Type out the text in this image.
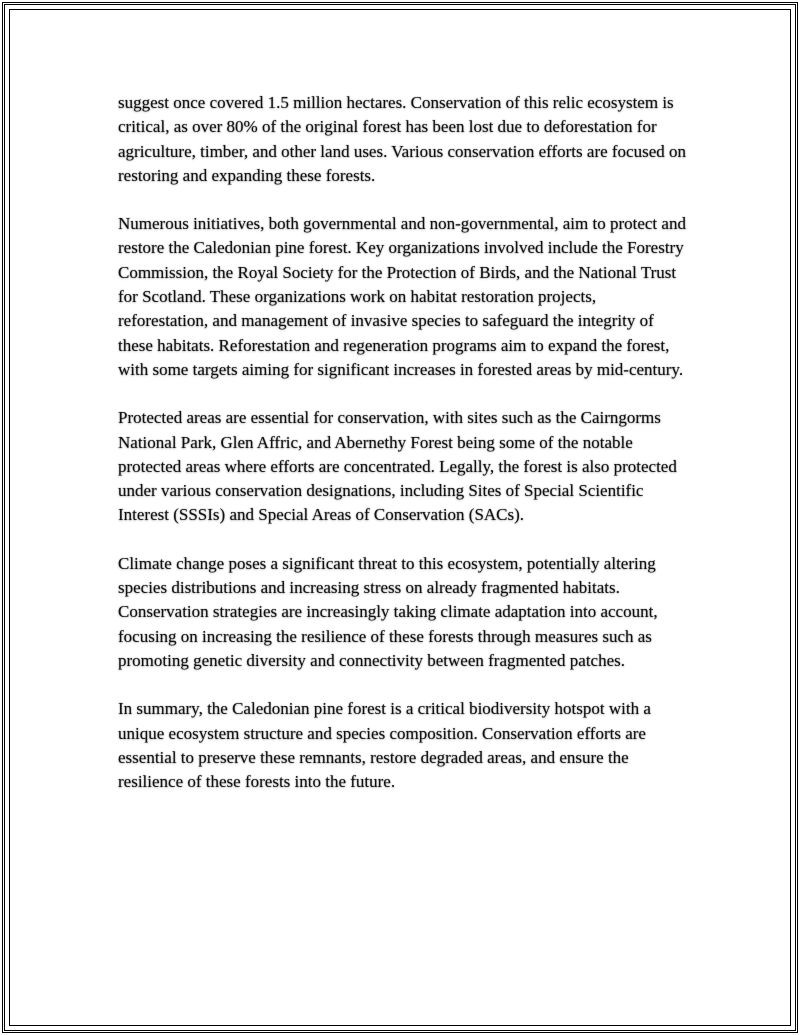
suggest once covered 1.5 million hectares. Conservation of this relic ecosystem is critical, as over 80% of the original forest has been lost due to deforestation for agriculture, timber, and other land uses. Various conservation efforts are focused on restoring and expanding these forests.

Numerous initiatives, both governmental and non-governmental, aim to protect and restore the Caledonian pine forest. Key organizations involved include the Forestry Commission, the Royal Society for the Protection of Birds, and the National Trust for Scotland. These organizations work on habitat restoration projects, reforestation, and management of invasive species to safeguard the integrity of these habitats. Reforestation and regeneration programs aim to expand the forest, with some targets aiming for significant increases in forested areas by mid-century.

Protected areas are essential for conservation, with sites such as the Cairngorms National Park, Glen Affric, and Abernethy Forest being some of the notable protected areas where efforts are concentrated. Legally, the forest is also protected under various conservation designations, including Sites of Special Scientific Interest (SSSIs) and Special Areas of Conservation (SACs).

Climate change poses a significant threat to this ecosystem, potentially altering species distributions and increasing stress on already fragmented habitats. Conservation strategies are increasingly taking climate adaptation into account, focusing on increasing the resilience of these forests through measures such as promoting genetic diversity and connectivity between fragmented patches.

In summary, the Caledonian pine forest is a critical biodiversity hotspot with a unique ecosystem structure and species composition. Conservation efforts are essential to preserve these remnants, restore degraded areas, and ensure the resilience of these forests into the future.
